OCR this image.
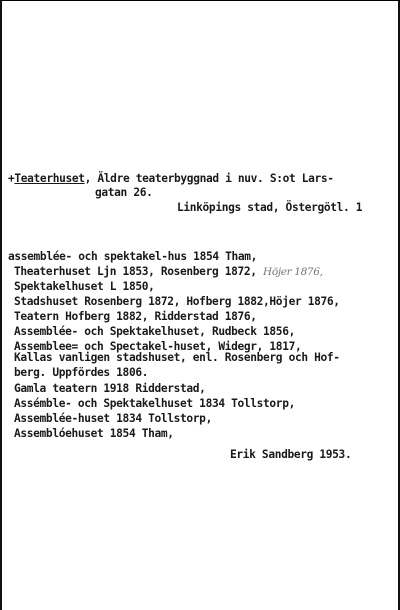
+Teaterhuset, Äldre teaterbyggnad i nuv. S:ot Lars-
gatan 26.
Linköpings stad, Östergötl. 1
assemblée- och spektakel-hus 1854 Tham,
Theaterhuset Ljn 1853, Rosenberg 1872, Höjer 1876,
Spektakelhuset L 1850,
Stadshuset Rosenberg 1872, Hofberg 1882,Höjer 1876,
Teatern Hofberg 1882, Ridderstad 1876,
Assemblée- och Spektakelhuset, Rudbeck 1856,
Assemblee= och Spectakel-huset, Widegr, 1817,
Kallas vanligen stadshuset, enl. Rosenberg och Hof-
berg. Uppfördes 1806.
Gamla teatern 1918 Ridderstad,
Assémble- och Spektakelhuset 1834 Tollstorp,
Assemblée-huset 1834 Tollstorp,
Assemblóehuset 1854 Tham,
Erik Sandberg 1953.
